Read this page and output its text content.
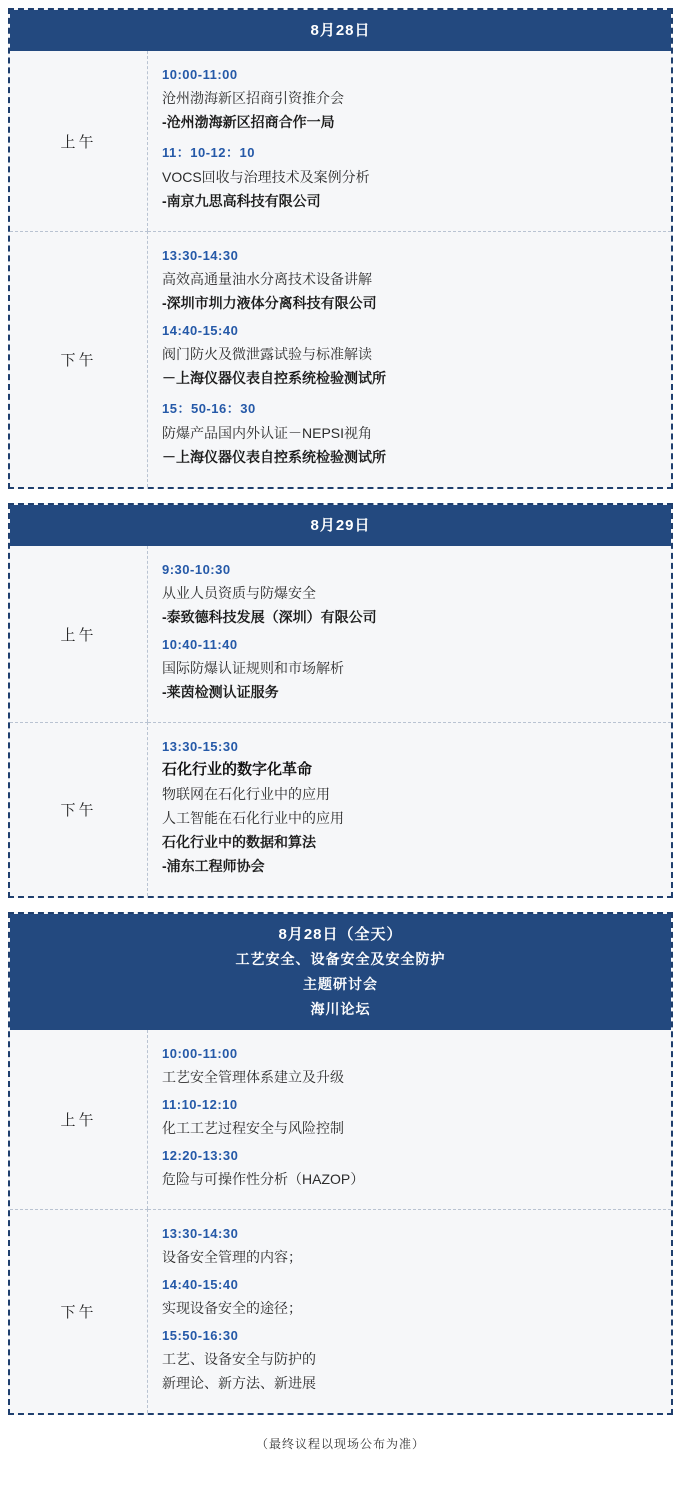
8月28日
上午
10:00-11:00
沧州渤海新区招商引资推介会
-沧州渤海新区招商合作一局
11：10-12：10
VOCS回收与治理技术及案例分析
-南京九思高科技有限公司
下午
13:30-14:30
高效高通量油水分离技术设备讲解
-深圳市圳力液体分离科技有限公司
14:40-15:40
阀门防火及微泄露试验与标准解读
－上海仪器仪表自控系统检验测试所
15：50-16：30
防爆产品国内外认证－NEPSI视角
－上海仪器仪表自控系统检验测试所
8月29日
上午
9:30-10:30
从业人员资质与防爆安全
-泰致德科技发展（深圳）有限公司
10:40-11:40
国际防爆认证规则和市场解析
-莱茵检测认证服务
下午
13:30-15:30
石化行业的数字化革命
物联网在石化行业中的应用
人工智能在石化行业中的应用
石化行业中的数据和算法
-浦东工程师协会
8月28日（全天）
工艺安全、设备安全及安全防护
主题研讨会
海川论坛
上午
10:00-11:00
工艺安全管理体系建立及升级
11:10-12:10
化工工艺过程安全与风险控制
12:20-13:30
危险与可操作性分析（HAZOP）
下午
13:30-14:30
设备安全管理的内容；
14:40-15:40
实现设备安全的途径；
15:50-16:30
工艺、设备安全与防护的
新理论、新方法、新进展
（最终议程以现场公布为准）
